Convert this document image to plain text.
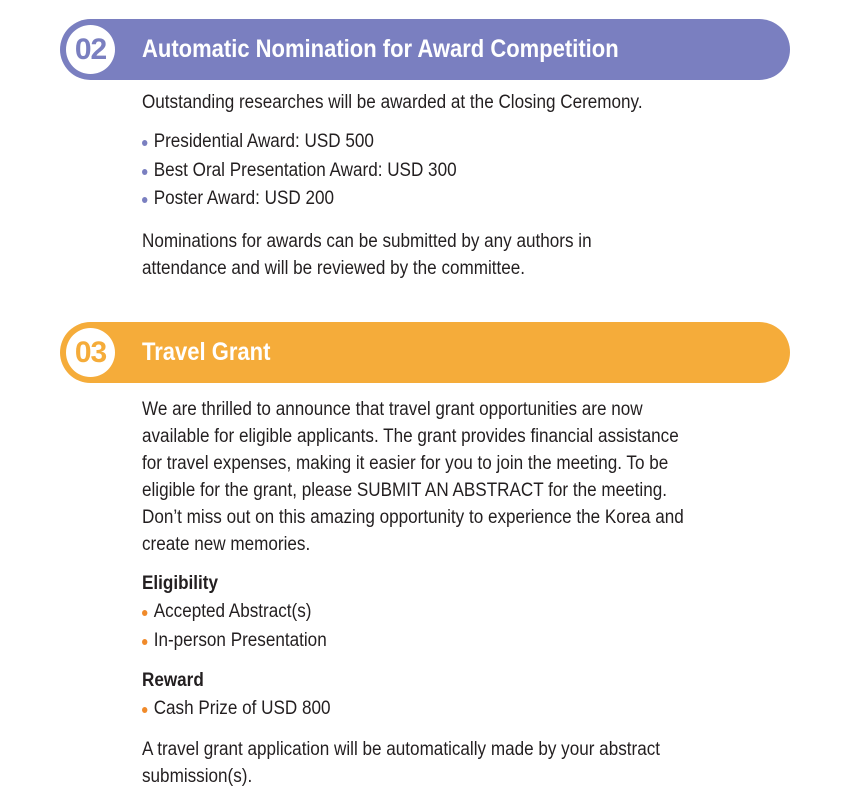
02	Automatic Nomination for Award Competition

Outstanding researches will be awarded at the Closing Ceremony.

Presidential Award: USD 500
Best Oral Presentation Award: USD 300
Poster Award: USD 200

Nominations for awards can be submitted by any authors in

attendance and will be reviewed by the committee.

03	Travel Grant

We are thrilled to announce that travel grant opportunities are now

available for eligible applicants. The grant provides financial assistance

for travel expenses, making it easier for you to join the meeting. To be

eligible for the grant, please SUBMIT AN ABSTRACT for the meeting.

Don’t miss out on this amazing opportunity to experience the Korea and

create new memories.

Eligibility
Accepted Abstract(s)
In-person Presentation
Reward
Cash Prize of USD 800

A travel grant application will be automatically made by your abstract

submission(s).
